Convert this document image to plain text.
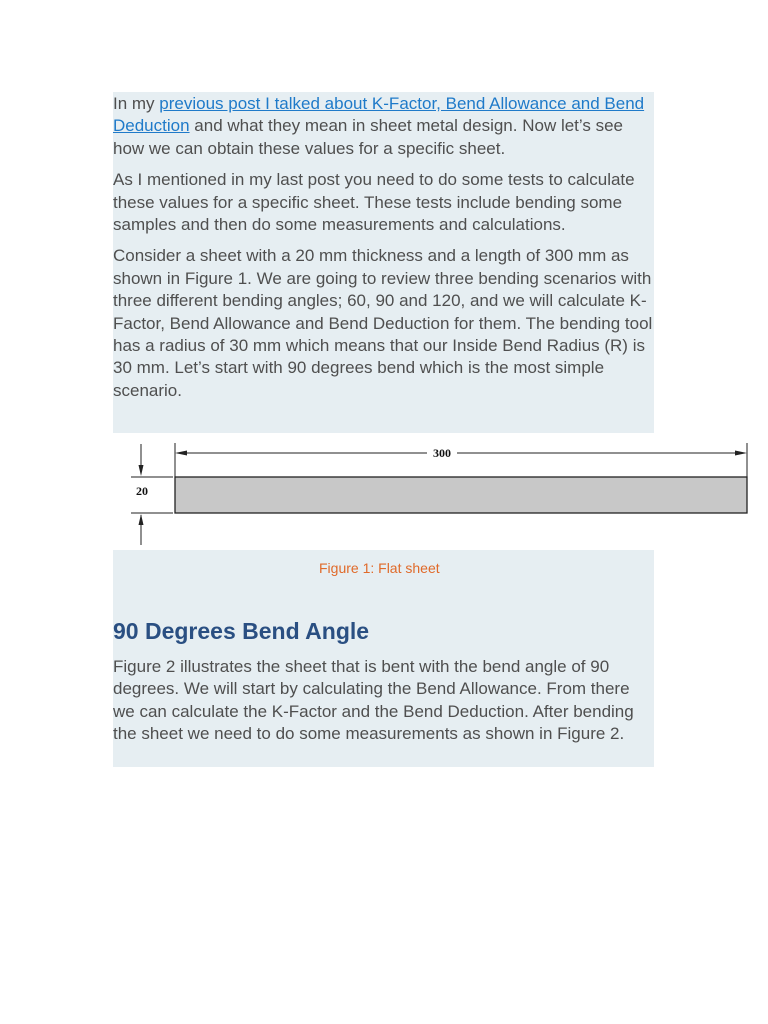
In my previous post I talked about K-Factor, Bend Allowance and Bend Deduction and what they mean in sheet metal design. Now let’s see how we can obtain these values for a specific sheet.

As I mentioned in my last post you need to do some tests to calculate these values for a specific sheet. These tests include bending some samples and then do some measurements and calculations.

Consider a sheet with a 20 mm thickness and a length of 300 mm as shown in Figure 1. We are going to review three bending scenarios with three different bending angles; 60, 90 and 120, and we will calculate K-Factor, Bend Allowance and Bend Deduction for them. The bending tool has a radius of 30 mm which means that our Inside Bend Radius (R) is 30 mm. Let’s start with 90 degrees bend which is the most simple scenario.

300
20
Figure 1: Flat sheet
90 Degrees Bend Angle

Figure 2 illustrates the sheet that is bent with the bend angle of 90 degrees. We will start by calculating the Bend Allowance. From there we can calculate the K-Factor and the Bend Deduction. After bending the sheet we need to do some measurements as shown in Figure 2.
